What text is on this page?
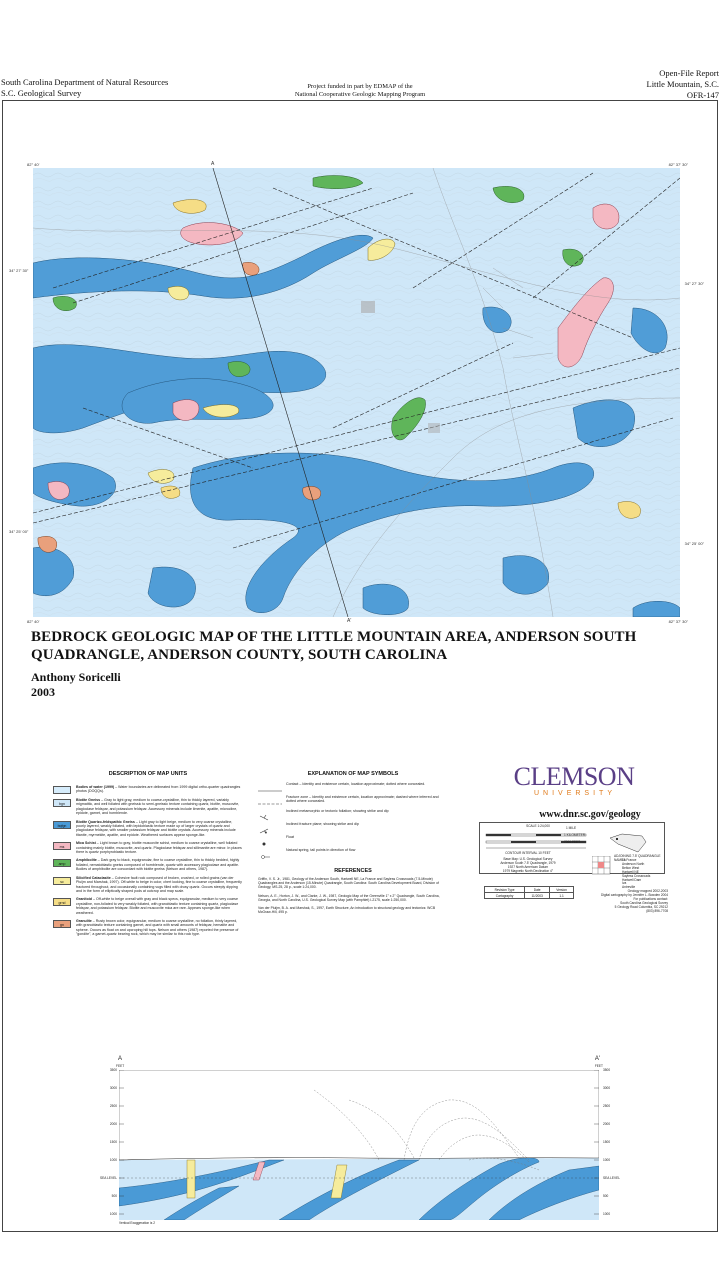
South Carolina Department of Natural Resources
S.C. Geological Survey
Project funded in part by EDMAP of the
National Cooperative Geologic Mapping Program
Open-File Report
Little Mountain, S.C.
OFR-147
82° 40'	82° 37' 30"
82° 40'	82° 37' 30"
34° 27' 30"
34° 27' 30"
34° 25' 00"
34° 25' 00"
A
A'
BEDROCK GEOLOGIC MAP OF THE LITTLE MOUNTAIN AREA, ANDERSON SOUTH
QUADRANGLE, ANDERSON COUNTY, SOUTH CAROLINA
Anthony Soricelli
2003
DESCRIPTION OF MAP UNITS
Bodies of water (1999) – Water boundaries are delineated from 1999 digital ortho-quarter quadrangles photos (DOQQs).
bgn
Biotite Gneiss – Gray to light gray, medium to coarse-crystalline, thin to thickly layered, variably migmatitic, and well foliated with gneissic to semi-gneissic texture containing quartz, biotite, muscovite, plagioclase feldspar, and potassium feldspar. Accessory minerals include ilmenite, apatite, microcline, epidote, garnet, and hornblende.
bqfgn
Biotite Quartzo-feldspathic Gneiss – Light gray to light beige, medium to very coarse crystalline, poorly layered, weakly foliated, with lepidoblastic texture made up of larger crystals of quartz and plagioclase feldspar, with smaller potassium feldspar and biotite crystals. Accessory minerals include titanite, myrmekite, apatite, and epidote. Weathered surfaces appear sponge-like.
ms
Mica Schist – Light brown to gray, biotite muscovite schist, medium to coarse crystalline, well foliated containing mainly biotite, muscovite, and quartz. Plagioclase feldspar and sillimanite are minor. In places there is quartz porphyroblastic texture.
amp
Amphibolite – Dark gray to black, equigranular, fine to coarse crystalline, thin to thickly bedded, highly foliated, nematoblastic gneiss composed of hornblende, quartz with accessory plagioclase and apatite. Bodies of amphibolite are concordant with biotite gneiss (Nelson and others, 1987).
sc
Silicified Cataclasite – Cohesive fault rock composed of broken, crushed, or rolled grains (van der Pluijm and Marshak, 1997). Off-white to beige in color, chert looking, fine to coarse crystalline, frequently fractured throughout, and occasionally containing vugs filled with drusy quartz. Occurs steeply dipping and in the form of elliptically shaped pods at outcrop and map scale.
grnd
Granitoid – Off-white to beige overall with gray and black specs, equigranular, medium to very coarse crystalline, non-foliated to very weakly foliated, with granoblastic texture containing quartz, plagioclase feldspar, and potassium feldspar. Biotite and muscovite mica are rare. Appears sponge-like when weathered.
gn
Granulite – Rusty brown color, equigranular, medium to coarse crystalline, no foliation, thinly layered, with granoblastic texture containing garnet, and quartz with small amounts of feldspar, hematite and sphene. Occurs as float on and upcroping hill tops. Nelson and others (1987) reported the presence of "gondite", a garnet-quartz bearing rock, which may be similar to this rock type.
EXPLANATION OF MAP SYMBOLS
Contact – Identity and existence certain, location approximate; dotted where concealed.
Fracture zone – Identity and existence certain, location approximate; dashed where inferred and dotted where concealed.
Inclined metamorphic or tectonic foliation; showing strike and dip
Inclined fracture plane; showing strike and dip
Float
Natural spring, tail points in direction of flow
REFERENCES
Griffin, V. S. Jr., 1981, Geology of the Anderson South, Hartwell NE, La France and Sayless Crossroads (7.5-Minute) Quadrangles and the Anderson (15-Minute) Quadrangle, South Carolina: South Carolina Development Board, Division of Geology, MS-25, 28 p., scale 1:24,000.
Nelson, A. E., Horton, J. W., and Clarke, J. W., 1987, Geologic Map of the Greenville 1° x 2° Quadrangle, South Carolina, Georgia, and North Carolina, U.S. Geological Survey Map (with Pamphlet) I-2175, scale 1:250,000.
Van der Pluijm, B. A. and Marshak, S., 1997, Earth Structure, An introduction to structural geology and tectonics: WCB McGraw-Hill, 495 p.
CLEMSON
UNIVERSITY
www.dnr.sc.gov/geology
SCALE 1:24,000	1 MILE
1 KILOMETER
7000 FEET
CONTOUR INTERVAL 10 FEET
Base Map: U.S. Geological Survey
Anderson South 7.5' Quadrangle, 1979
1927 North American Datum
1979 Magnetic North Declination 4°
ADJOINING 7.5' QUADRANGLE NAMES
La France
Anderson North
Belton West
Hartwell NE
Sayless Crossroads
Hartwell Dam
Iva
Antreville
Revision Type	Date	Version
Cartography	11/2003	1.1
Geology mapped 2002-2003
Digital cartography by Jennifer L. Bowden 2004
For publications contact:
South Carolina Geological Survey
5 Geology Road Columbia, SC 29212
(803) 896-7708
A	A'
FEET	FEET
3500
3000
2500
2000
1500
1000
SEA LEVEL
500
1000
3500
3000
2500
2000
1500
1000
SEA LEVEL
500
1000
Vertical Exaggeration is 2
